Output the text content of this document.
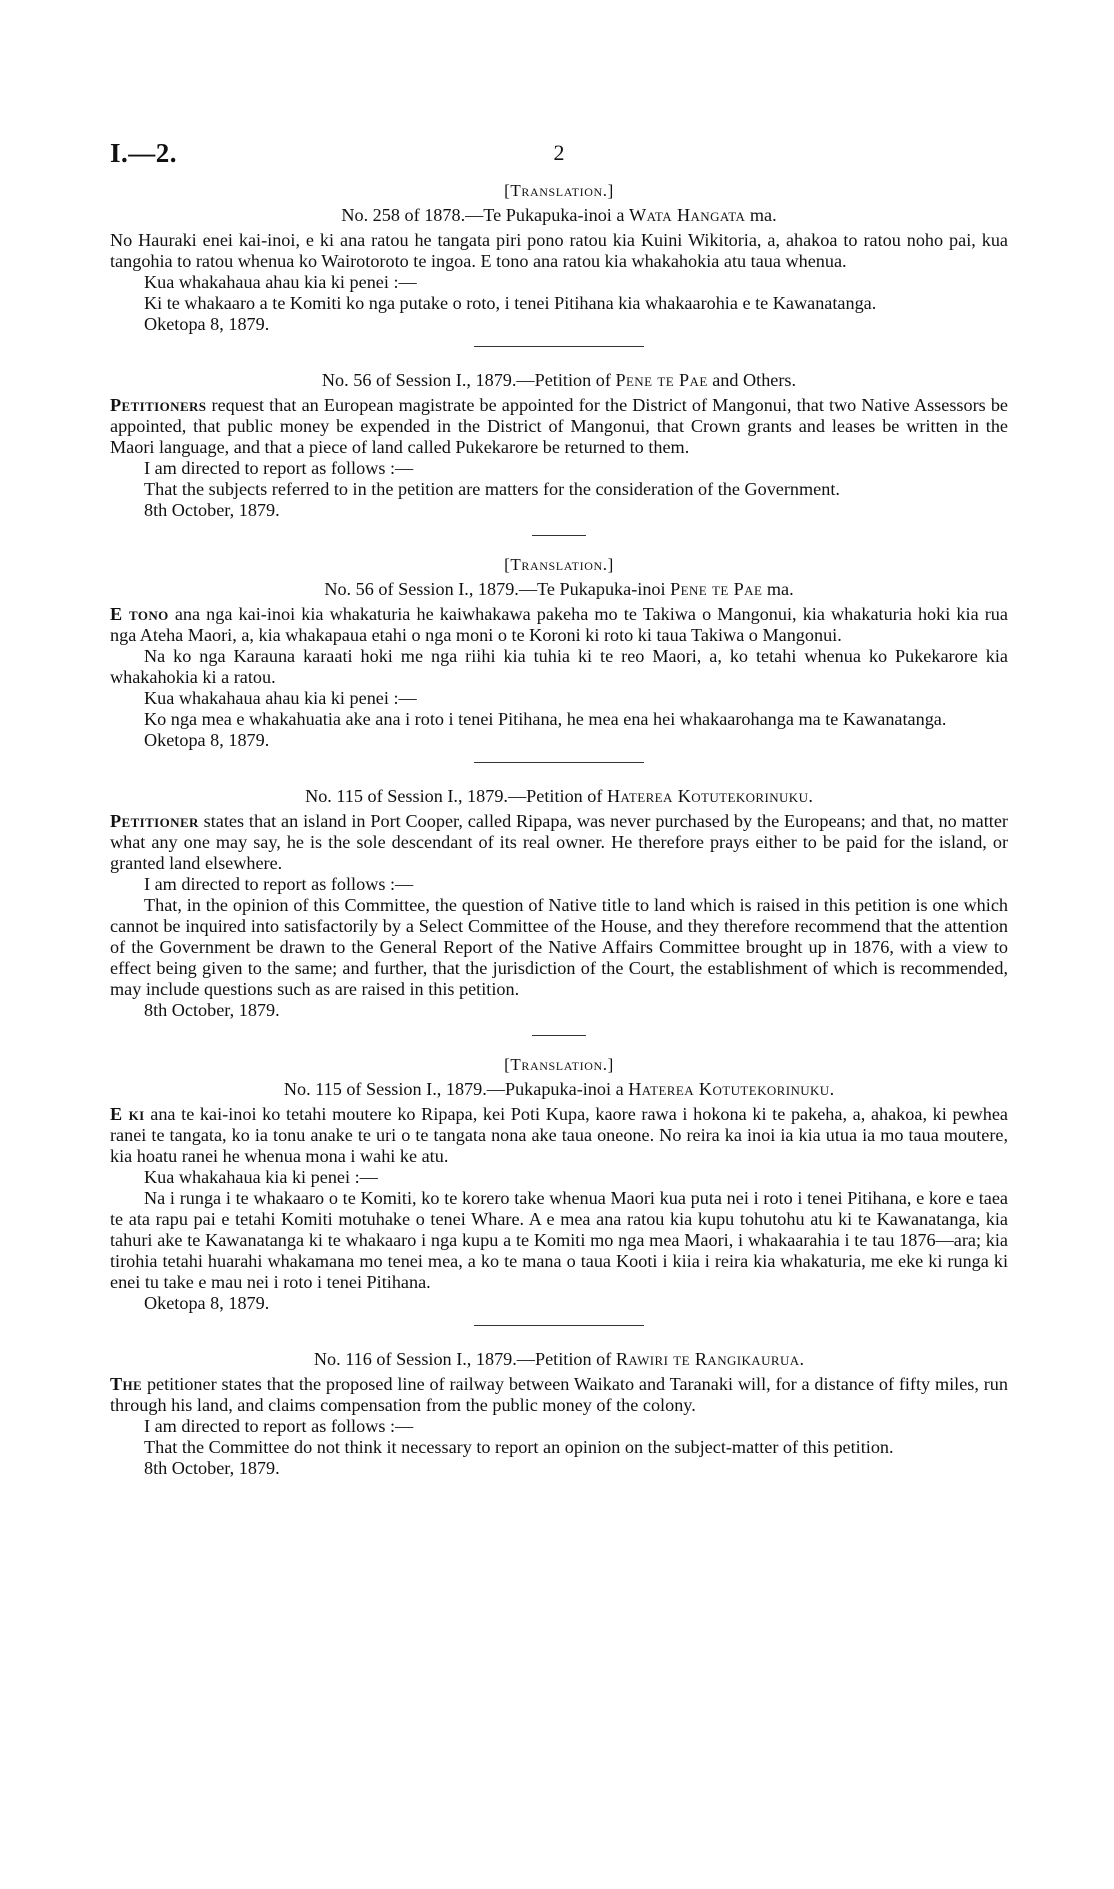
I.—2.	2
[Translation.]
No. 258 of 1878.—Te Pukapuka-inoi a Wata Hangata ma.

No Hauraki enei kai-inoi, e ki ana ratou he tangata piri pono ratou kia Kuini Wikitoria, a, ahakoa to ratou noho pai, kua tangohia to ratou whenua ko Wairotoroto te ingoa. E tono ana ratou kia whakahokia atu taua whenua.

Kua whakahaua ahau kia ki penei :—

Ki te whakaaro a te Komiti ko nga putake o roto, i tenei Pitihana kia whakaarohia e te Kawanatanga.

Oketopa 8, 1879.
No. 56 of Session I., 1879.—Petition of Pene te Pae and Others.

Petitioners request that an European magistrate be appointed for the District of Mangonui, that two Native Assessors be appointed, that public money be expended in the District of Mangonui, that Crown grants and leases be written in the Maori language, and that a piece of land called Pukekarore be returned to them.

I am directed to report as follows :—

That the subjects referred to in the petition are matters for the consideration of the Government.

8th October, 1879.
[Translation.]
No. 56 of Session I., 1879.—Te Pukapuka-inoi Pene te Pae ma.

E tono ana nga kai-inoi kia whakaturia he kaiwhakawa pakeha mo te Takiwa o Mangonui, kia whakaturia hoki kia rua nga Ateha Maori, a, kia whakapaua etahi o nga moni o te Koroni ki roto ki taua Takiwa o Mangonui.

Na ko nga Karauna karaati hoki me nga riihi kia tuhia ki te reo Maori, a, ko tetahi whenua ko Pukekarore kia whakahokia ki a ratou.

Kua whakahaua ahau kia ki penei :—

Ko nga mea e whakahuatia ake ana i roto i tenei Pitihana, he mea ena hei whakaarohanga ma te Kawanatanga.

Oketopa 8, 1879.
No. 115 of Session I., 1879.—Petition of Haterea Kotutekorinuku.

Petitioner states that an island in Port Cooper, called Ripapa, was never purchased by the Europeans; and that, no matter what any one may say, he is the sole descendant of its real owner. He therefore prays either to be paid for the island, or granted land elsewhere.

I am directed to report as follows :—

That, in the opinion of this Committee, the question of Native title to land which is raised in this petition is one which cannot be inquired into satisfactorily by a Select Committee of the House, and they therefore recommend that the attention of the Government be drawn to the General Report of the Native Affairs Committee brought up in 1876, with a view to effect being given to the same; and further, that the jurisdiction of the Court, the establishment of which is recommended, may include questions such as are raised in this petition.

8th October, 1879.
[Translation.]
No. 115 of Session I., 1879.—Pukapuka-inoi a Haterea Kotutekorinuku.

E ki ana te kai-inoi ko tetahi moutere ko Ripapa, kei Poti Kupa, kaore rawa i hokona ki te pakeha, a, ahakoa, ki pewhea ranei te tangata, ko ia tonu anake te uri o te tangata nona ake taua oneone. No reira ka inoi ia kia utua ia mo taua moutere, kia hoatu ranei he whenua mona i wahi ke atu.

Kua whakahaua kia ki penei :—

Na i runga i te whakaaro o te Komiti, ko te korero take whenua Maori kua puta nei i roto i tenei Pitihana, e kore e taea te ata rapu pai e tetahi Komiti motuhake o tenei Whare. A e mea ana ratou kia kupu tohutohu atu ki te Kawanatanga, kia tahuri ake te Kawanatanga ki te whakaaro i nga kupu a te Komiti mo nga mea Maori, i whakaarahia i te tau 1876—ara; kia tirohia tetahi huarahi whakamana mo tenei mea, a ko te mana o taua Kooti i kiia i reira kia whakaturia, me eke ki runga ki enei tu take e mau nei i roto i tenei Pitihana.

Oketopa 8, 1879.
No. 116 of Session I., 1879.—Petition of Rawiri te Rangikaurua.

The petitioner states that the proposed line of railway between Waikato and Taranaki will, for a distance of fifty miles, run through his land, and claims compensation from the public money of the colony.

I am directed to report as follows :—

That the Committee do not think it necessary to report an opinion on the subject-matter of this petition.

8th October, 1879.
